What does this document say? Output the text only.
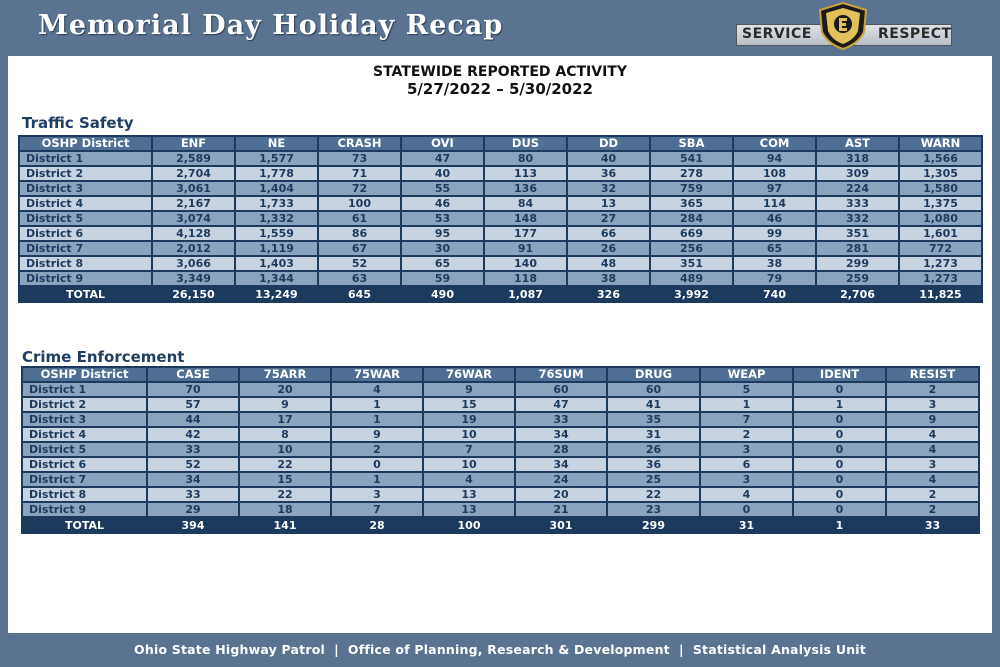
Memorial Day Holiday Recap	SERVICE	RESPECT
STATEWIDE REPORTED ACTIVITY
5/27/2022 – 5/30/2022
Traffic Safety
OSHP District	ENF	NE	CRASH	OVI	DUS	DD	SBA	COM	AST	WARN
District 1	2,589	1,577	73	47	80	40	541	94	318	1,566
District 2	2,704	1,778	71	40	113	36	278	108	309	1,305
District 3	3,061	1,404	72	55	136	32	759	97	224	1,580
District 4	2,167	1,733	100	46	84	13	365	114	333	1,375
District 5	3,074	1,332	61	53	148	27	284	46	332	1,080
District 6	4,128	1,559	86	95	177	66	669	99	351	1,601
District 7	2,012	1,119	67	30	91	26	256	65	281	772
District 8	3,066	1,403	52	65	140	48	351	38	299	1,273
District 9	3,349	1,344	63	59	118	38	489	79	259	1,273
TOTAL	26,150	13,249	645	490	1,087	326	3,992	740	2,706	11,825
Crime Enforcement
OSHP District	CASE	75ARR	75WAR	76WAR	76SUM	DRUG	WEAP	IDENT	RESIST
District 1	70	20	4	9	60	60	5	0	2
District 2	57	9	1	15	47	41	1	1	3
District 3	44	17	1	19	33	35	7	0	9
District 4	42	8	9	10	34	31	2	0	4
District 5	33	10	2	7	28	26	3	0	4
District 6	52	22	0	10	34	36	6	0	3
District 7	34	15	1	4	24	25	3	0	4
District 8	33	22	3	13	20	22	4	0	2
District 9	29	18	7	13	21	23	0	0	2
TOTAL	394	141	28	100	301	299	31	1	33
Ohio State Highway Patrol  |  Office of Planning, Research & Development  |  Statistical Analysis Unit
